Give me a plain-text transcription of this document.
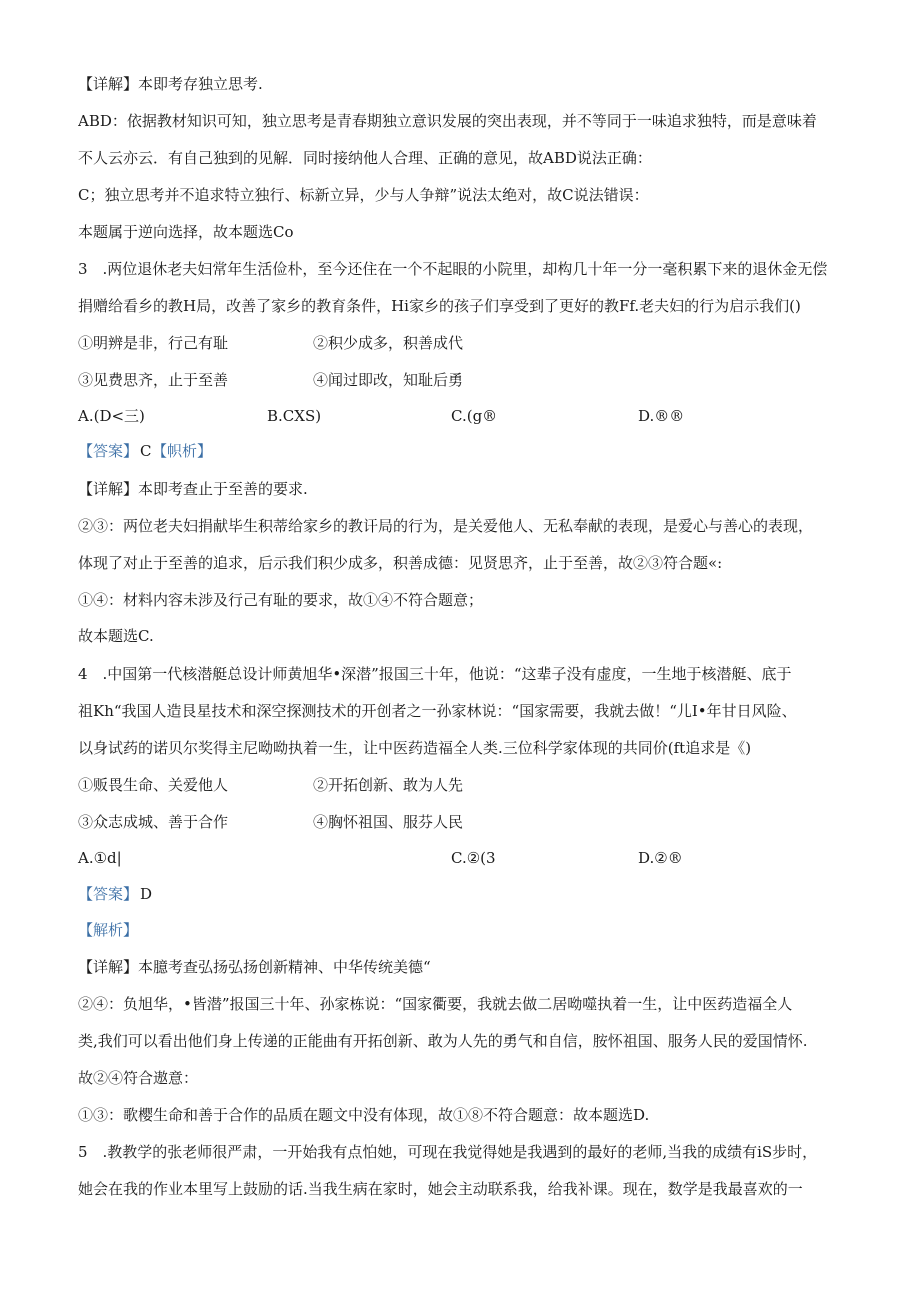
【详解】本即考存独立思考.
ABD：依据教材知识可知，独立思考是青春期独立意识发展的突出表现，并不等同于一味追求独特，而是意味着
不人云亦云．有自己独到的见解．同时接纳他人合理、正确的意见，故ABD说法正确：
C；独立思考并不追求特立独行、标新立异，少与人争辩”说法太绝对，故C说法错误：
本题属于逆向选择，故本题选Co
3　.两位退休老夫妇常年生活俭朴，至今还住在一个不起眼的小院里，却构几十年一分一毫积累下来的退休金无偿
捐赠给看乡的教H局，改善了家乡的教育条件，Hi家乡的孩子们享受到了更好的教Ff.老夫妇的行为启示我们()
①明辨是非，行己有耻	②积少成多，积善成代
③见费思齐，止于至善	④闻过即改，知耻后勇
A.(D<三)	B.CXS)	C.(g®	D.®®
【答案】 C 【帜析】
【详解】本即考查止于至善的要求.
②③：两位老夫妇捐献毕生积蒂给家乡的教讦局的行为，是关爱他人、无私奉献的表现，是爱心与善心的表现，
体现了对止于至善的追求，后示我们积少成多，积善成德：见贤思齐，止于至善，故②③符合题«:
①④：材料内容未涉及行己有耻的要求，故①④不符合题意；
故本题选C.
4　.中国第一代核潜艇总设计师黄旭华•深潜”报国三十年，他说：“这辈子没有虚度，一生地于核潜艇、底于
祖Kh“我国人造艮星技术和深空探测技术的开创者之一孙家林说：“国家需要，我就去做！“儿I•年甘日风险、
以身试药的诺贝尔奖得主尼呦呦执着一生，让中医药造福全人类.三位科学家体现的共同价(ft追求是《)
①贩畏生命、关爱他人	②开拓创新、敢为人先
③众志成城、善于合作	④胸怀祖国、服芬人民
A.①d|	C.②(3	D.②®
【答案】 D
【解析】
【详解】本臆考查弘扬弘扬创新精神、中华传统美德“
②④：负旭华，•皆潜”报国三十年、孙家栋说：“国家衢要，我就去做二居呦噬执着一生，让中医药造福全人
类,我们可以看出他们身上传递的正能曲有开拓创新、敢为人先的勇气和自信，胺怀祖国、服务人民的爱国情怀.
故②④符合遨意：
①③：歌樱生命和善于合作的品质在题文中没有体现，故①⑧不符合题意：故本题选D.
5　.教教学的张老师很严肃，一开始我有点怕她，可现在我觉得她是我遇到的最好的老师,当我的成绩有iS步时，
她会在我的作业本里写上鼓励的话.当我生病在家时，她会主动联系我，给我补课。现在，数学是我最喜欢的一
